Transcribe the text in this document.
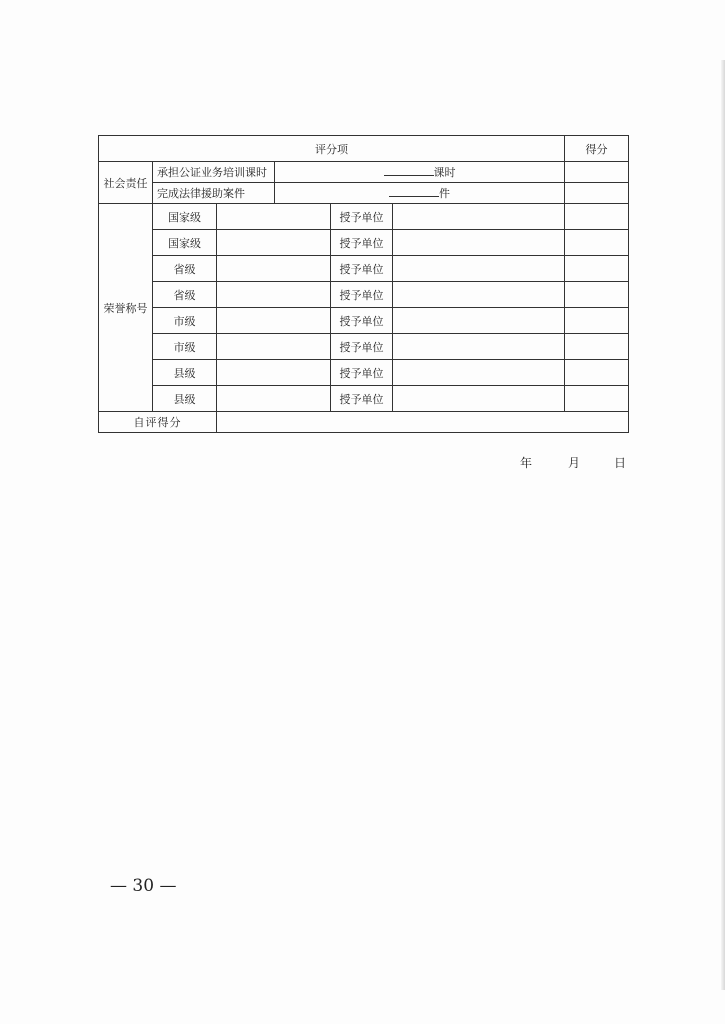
评分项						得分
社会责任	承担公证业务培训课时		课时			
	完成法律援助案件		件			
荣誉称号	国家级			授予单位		
	国家级			授予单位		
	省级			授予单位		
	省级			授予单位		
	市级			授予单位		
	市级			授予单位		
	县级			授予单位		
	县级			授予单位		
自评得分						
年	月	日
— 30 —
